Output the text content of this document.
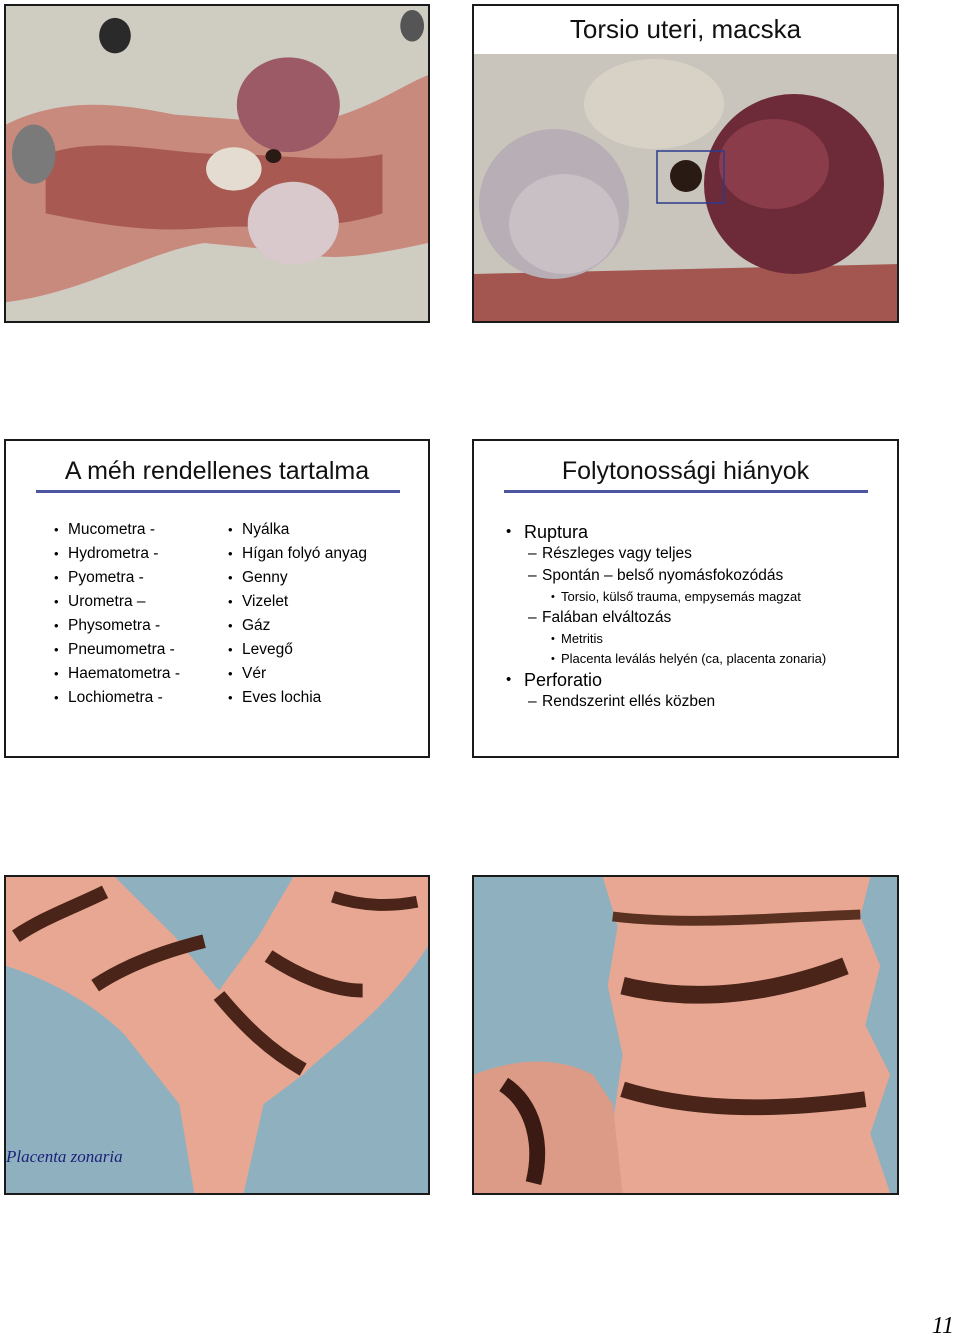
Torsio uteri, macska
A méh rendellenes tartalma
• Mucometra -
• Hydrometra -
• Pyometra -
• Urometra –
• Physometra -
• Pneumometra -
• Haematometra -
• Lochiometra -
• Nyálka
• Hígan folyó anyag
• Genny
• Vizelet
• Gáz
• Levegő
• Vér
• Eves lochia
Folytonossági hiányok
• Ruptura
– Részleges vagy teljes
– Spontán – belső nyomásfokozódás
• Torsio, külső trauma, empysemás magzat
– Falában elváltozás
• Metritis
• Placenta leválás helyén (ca, placenta zonaria)
• Perforatio
– Rendszerint ellés közben
Placenta zonaria
11
